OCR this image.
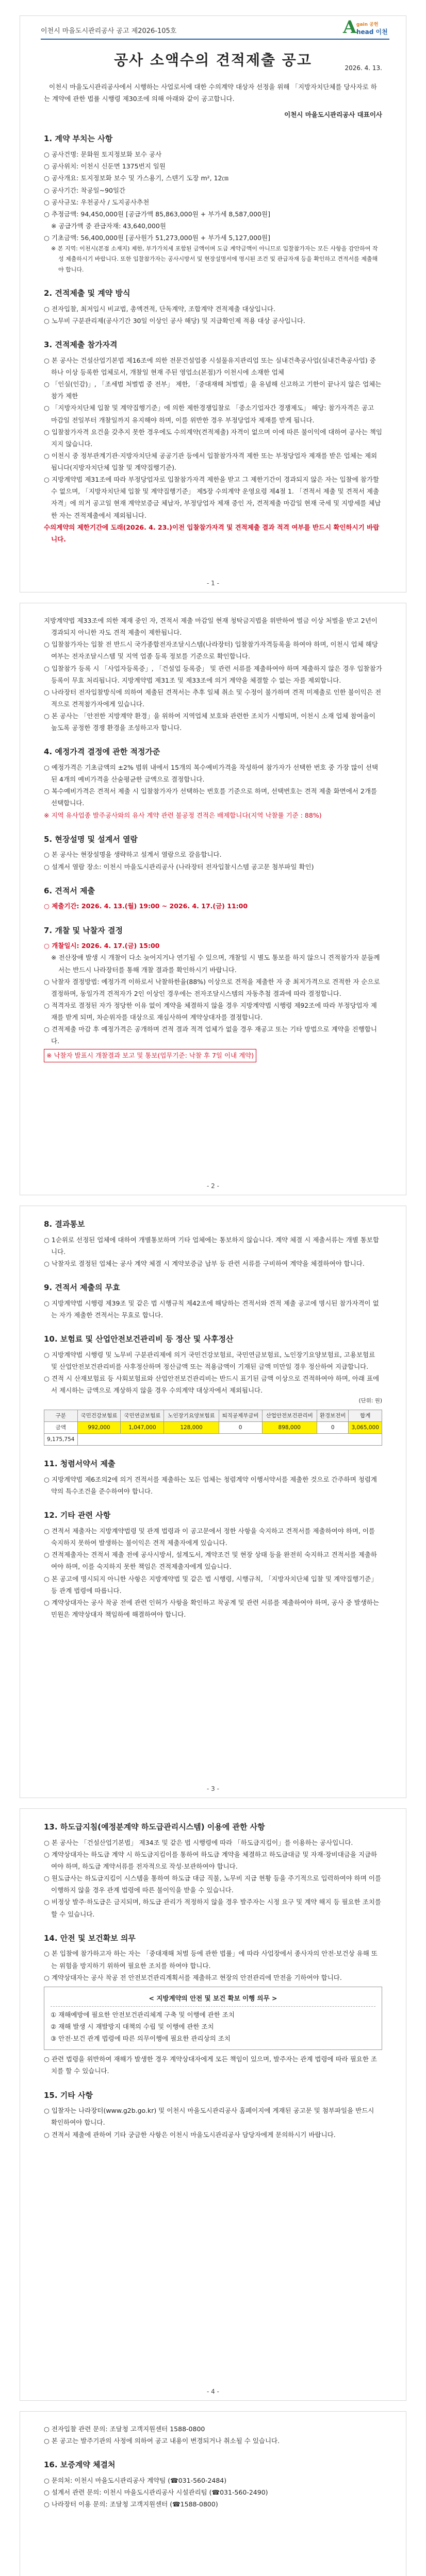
이천시 마을도시관리공사 공고 제2026-105호	A gain 공헌
head 이천
공사 소액수의 견적제출 공고	2026. 4. 13.
이천시 마을도시관리공사에서 시행하는 사업로서에 대한 수의계약 대상자 선정을 위해 「지방자치단체를 당사자로 하는 계약에 관한 법률 시행령 제30조에 의해 아래와 같이 공고합니다.
이천시 마을도시관리공사 대표이사
1. 계약 부치는 사항
○ 공사건명: 문화원 토지정보화 보수 공사
○ 공사위치: 이천시 신둔면 1375번지 일원
○ 공사개요: 토지정보화 보수 및 가스용기, 스텐기 도장 m², 12㎝
○ 공사기간: 착공일~90일간
○ 공사규모: 우천공사 / 도지공사추천
○ 추정금액: 94,450,000원 [공급가액 85,863,000원 + 부가세 8,587,000원]
※ 공급가액 중 관급자재: 43,640,000원
○ 기초금액: 56,400,000원 [공사원가 51,273,000원 + 부가세 5,127,000원]
※ 본 지역: 이천시(본점 소재지) 제한, 부가가치세 포함된 금액이며 도급 계약금액이 아니므로 입찰참가자는 모든 사항을 감안하여 작성 제출하시기 바랍니다. 또한 입찰참가자는 공사시방서 및 현장설명서에 명시된 조건 및 관급자재 등을 확인하고 견적서를 제출해야 합니다.
2. 견적제출 및 계약 방식
○ 전자입찰, 최저입시 비교법, 총액견적, 단독계약, 조합계약 견적제출 대상입니다.
○ 노무비 구분관리제(공사기간 30일 이상인 공사 해당) 및 지급확인제 적용 대상 공사입니다.
3. 견적제출 참가자격
○ 본 공사는 건설산업기본법 제16조에 의한 전문건설업종 시설물유지관리업 또는 실내건축공사업(실내건축공사업) 중 하나 이상 등록한 업체로서, 개찰일 현재 주된 영업소(본점)가 이천시에 소재한 업체
○ 「인실(인감)」, 「조세범 처벌법 중 전부」 제한, 「중대재해 처벌법」을 유념해 신고하고 기한이 끝나지 않은 업체는 참가 제한
○ 「지방자치단체 입찰 및 계약집행기준」에 의한 제한경쟁입찰로 「중소기업자간 경쟁제도」 해당: 참가자격은 공고 마감일 전일부터 개찰일까지 유지해야 하며, 이를 위반한 경우 부정당업자 제재를 받게 됩니다.
○ 입찰참가자격 요건을 갖추지 못한 경우에도 수의계약(견적제출) 자격이 없으며 이에 따른 불이익에 대하여 공사는 책임지지 않습니다.
○ 이천시 중 정부관계기관·지방자치단체 공공기관 등에서 입찰참가자격 제한 또는 부정당업자 제재를 받은 업체는 제외됩니다(지방자치단체 입찰 및 계약집행기준).
○ 지방계약법 제31조에 따라 부정당업자로 입찰참가자격 제한을 받고 그 제한기간이 경과되지 않은 자는 입찰에 참가할 수 없으며, 「지방자치단체 입찰 및 계약집행기준」 제5장 수의계약 운영요령 제4절 1. 「견적서 제출 및 견적서 제출자격」에 의거 공고일 현재 계약보증금 체납자, 부정당업자 제재 중인 자, 견적제출 마감일 현재 국세 및 지방세를 체납한 자는 견적제출에서 제외됩니다.
수의계약의 제한기간에 도래(2026. 4. 23.)이전 입찰참가자격 및 견적제출 결과 적격 여부를 반드시 확인하시기 바랍니다.
- 1 -
지방계약법 제33조에 의한 제재 중인 자, 견적서 제출 마감일 현재 청탁금지법을 위반하여 벌금 이상 처벌을 받고 2년이 경과되지 아니한 자도 견적 제출이 제한됩니다.
○ 입찰참가자는 입찰 전 반드시 국가종합전자조달시스템(나라장터) 입찰참가자격등록을 하여야 하며, 이천시 업체 해당 여부는 전자조달시스템 및 지역 업종 등록 정보를 기준으로 확인합니다.
○ 입찰참가 등록 시 「사업자등록증」, 「건설업 등록증」 및 관련 서류를 제출하여야 하며 제출하지 않은 경우 입찰참가 등록이 무효 처리됩니다. 지방계약법 제31조 및 제33조에 의거 계약을 체결할 수 없는 자를 제외합니다.
○ 나라장터 전자입찰방식에 의하여 제출된 견적서는 추후 일체 취소 및 수정이 불가하며 견적 미제출로 인한 불이익은 전적으로 견적참가자에게 있습니다.
○ 본 공사는 「안전한 지방계약 환경」을 위하여 지역업체 보호와 관련한 조치가 시행되며, 이천시 소재 업체 참여율이 높도록 공정한 경쟁 환경을 조성하고자 합니다.
4. 예정가격 결정에 관한 적정가준
○ 예정가격은 기초금액의 ±2% 범위 내에서 15개의 복수예비가격을 작성하여 참가자가 선택한 번호 중 가장 많이 선택된 4개의 예비가격을 산술평균한 금액으로 결정합니다.
○ 복수예비가격은 견적서 제출 시 입찰참가자가 선택하는 번호를 기준으로 하며, 선택번호는 견적 제출 화면에서 2개를 선택합니다.
※ 지역 유사업종 발주공사와의 유사 계약 관련 불공정 견적은 배제합니다(지역 낙찰률 기준 : 88%)
5. 현장설명 및 설계서 열람
○ 본 공사는 현장설명을 생략하고 설계서 열람으로 갈음합니다.
○ 설계서 열람 장소: 이천시 마을도시관리공사 (나라장터 전자입찰시스템 공고문 첨부파일 확인)
6. 견적서 제출
○ 제출기간: 2026. 4. 13.(월) 19:00 ~ 2026. 4. 17.(금) 11:00
7. 개찰 및 낙찰자 결정
○ 개찰일시: 2026. 4. 17.(금) 15:00
※ 전산장애 발생 시 개찰이 다소 늦어지거나 연기될 수 있으며, 개찰일 시 별도 통보를 하지 않으니 견적참가자 분들께서는 반드시 나라장터를 통해 개찰 결과를 확인하시기 바랍니다.
○ 낙찰자 결정방법: 예정가격 이하로서 낙찰하한율(88%) 이상으로 견적을 제출한 자 중 최저가격으로 견적한 자 순으로 결정하며, 동일가격 견적자가 2인 이상인 경우에는 전자조달시스템의 자동추첨 결과에 따라 결정합니다.
○ 적격자로 결정된 자가 정당한 이유 없이 계약을 체결하지 않을 경우 지방계약법 시행령 제92조에 따라 부정당업자 제재를 받게 되며, 차순위자를 대상으로 재심사하여 계약상대자를 결정합니다.
○ 견적제출 마감 후 예정가격은 공개하며 견적 결과 적격 업체가 없을 경우 재공고 또는 기타 방법으로 계약을 진행합니다.
※ 낙찰자 발표시 개찰결과 보고 및 통보(업무기준: 낙찰 후 7일 이내 계약)
- 2 -
8. 결과통보
○ 1순위로 선정된 업체에 대하여 개별통보하며 기타 업체에는 통보하지 않습니다. 계약 체결 시 제출서류는 개별 통보합니다.
○ 낙찰자로 결정된 업체는 공사 계약 체결 시 계약보증금 납부 등 관련 서류를 구비하여 계약을 체결하여야 합니다.
9. 견적서 제출의 무효
○ 지방계약법 시행령 제39조 및 같은 법 시행규칙 제42조에 해당하는 견적서와 견적 제출 공고에 명시된 참가자격이 없는 자가 제출한 견적서는 무효로 합니다.
10. 보험료 및 산업안전보건관리비 등 정산 및 사후정산
○ 지방계약법 시행령 및 노무비 구분관리제에 의거 국민건강보험료, 국민연금보험료, 노인장기요양보험료, 고용보험료 및 산업안전보건관리비를 사후정산하며 정산금액 또는 적용금액이 기재된 금액 미만일 경우 정산하여 지급합니다.
○ 견적 시 산재보험료 등 사회보험료와 산업안전보건관리비는 반드시 표기된 금액 이상으로 견적하여야 하며, 아래 표에서 제시하는 금액으로 계상하지 않을 경우 수의계약 대상자에서 제외됩니다.
(단위: 원)
구분	국민건강보험료	국민연금보험료	노인장기요양보험료	퇴직공제부금비	산업안전보건관리비	환경보전비	합계
금액	992,000	1,047,000	128,000	0	898,000	0	3,065,000
9,175,754							
11. 청렴서약서 제출
○ 지방계약법 제6조의2에 의거 견적서를 제출하는 모든 업체는 청렴계약 이행서약서를 제출한 것으로 간주하며 청렴계약의 특수조건을 준수하여야 합니다.
12. 기타 관련 사항
○ 견적서 제출자는 지방계약법령 및 관계 법령과 이 공고문에서 정한 사항을 숙지하고 견적서를 제출하여야 하며, 이를 숙지하지 못하여 발생하는 불이익은 견적 제출자에게 있습니다.
○ 견적제출자는 견적서 제출 전에 공사시방서, 설계도서, 계약조건 및 현장 상태 등을 완전히 숙지하고 견적서를 제출하여야 하며, 이를 숙지하지 못한 책임은 견적제출자에게 있습니다.
○ 본 공고에 명시되지 아니한 사항은 지방계약법 및 같은 법 시행령, 시행규칙, 「지방자치단체 입찰 및 계약집행기준」 등 관계 법령에 따릅니다.
○ 계약상대자는 공사 착공 전에 관련 인허가 사항을 확인하고 착공계 및 관련 서류를 제출하여야 하며, 공사 중 발생하는 민원은 계약상대자 책임하에 해결하여야 합니다.
- 3 -
13. 하도급지침(예정분계약 하도급관리시스템) 이용에 관한 사항
○ 본 공사는 「건설산업기본법」 제34조 및 같은 법 시행령에 따라 「하도급지킴이」를 이용하는 공사입니다.
○ 계약상대자는 하도급 계약 시 하도급지킴이를 통하여 하도급 계약을 체결하고 하도급대금 및 자재·장비대금을 지급하여야 하며, 하도급 계약서류를 전자적으로 작성·보관하여야 합니다.
○ 원도급사는 하도급지킴이 시스템을 통하여 하도급 대금 직불, 노무비 지급 현황 등을 주기적으로 입력하여야 하며 이를 이행하지 않을 경우 관계 법령에 따른 불이익을 받을 수 있습니다.
○ 비정상 발주·하도급은 금지되며, 하도급 관리가 적정하지 않을 경우 발주자는 시정 요구 및 계약 해지 등 필요한 조치를 할 수 있습니다.
14. 안전 및 보건확보 의무
○ 본 입찰에 참가하고자 하는 자는 「중대재해 처벌 등에 관한 법률」에 따라 사업장에서 종사자의 안전·보건상 유해 또는 위험을 방지하기 위하여 필요한 조치를 하여야 합니다.
○ 계약상대자는 공사 착공 전 안전보건관리계획서를 제출하고 현장의 안전관리에 만전을 기하여야 합니다.
< 지방계약의 안전 및 보건 확보 이행 의무 >
① 재해예방에 필요한 안전보건관리체계 구축 및 이행에 관한 조치
② 재해 발생 시 재발방지 대책의 수립 및 이행에 관한 조치
③ 안전·보건 관계 법령에 따른 의무이행에 필요한 관리상의 조치
○ 관련 법령을 위반하여 재해가 발생한 경우 계약상대자에게 모든 책임이 있으며, 발주자는 관계 법령에 따라 필요한 조치를 할 수 있습니다.
15. 기타 사항
○ 입찰자는 나라장터(www.g2b.go.kr) 및 이천시 마을도시관리공사 홈페이지에 게재된 공고문 및 첨부파일을 반드시 확인하여야 합니다.
○ 견적서 제출에 관하여 기타 궁금한 사항은 이천시 마을도시관리공사 담당자에게 문의하시기 바랍니다.
- 4 -
○ 전자입찰 관련 문의: 조달청 고객지원센터 1588-0800
○ 본 공고는 발주기관의 사정에 의하여 공고 내용이 변경되거나 취소될 수 있습니다.
16. 보증계약 체결처
○ 문의처: 이천시 마을도시관리공사 계약팀 (☎031-560-2484)
○ 설계서 관련 문의: 이천시 마을도시관리공사 시설관리팀 (☎031-560-2490)
○ 나라장터 이용 문의: 조달청 고객지원센터 (☎1588-0800)
